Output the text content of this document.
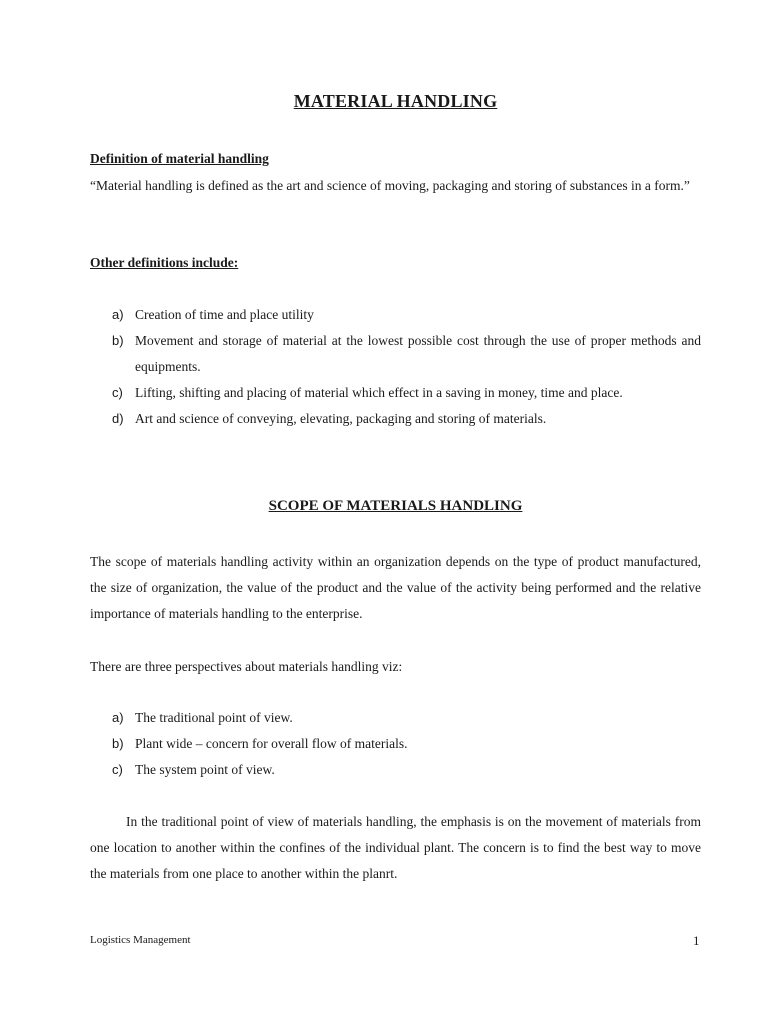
MATERIAL HANDLING
Definition of material handling
“Material handling is defined as the art and science of moving, packaging and storing of substances in a form.”
Other definitions include:
a) Creation of time and place utility
b) Movement and storage of material at the lowest possible cost through the use of proper methods and equipments.
c) Lifting, shifting and placing of material which effect in a saving in money, time and place.
d) Art and science of conveying, elevating, packaging and storing of materials.
SCOPE OF MATERIALS HANDLING
The scope of materials handling activity within an organization depends on the type of product manufactured, the size of organization, the value of the product and the value of the activity being performed and the relative importance of materials handling to the enterprise.
There are three perspectives about materials handling viz:
a) The traditional point of view.
b) Plant wide – concern for overall flow of materials.
c) The system point of view.
In the traditional point of view of materials handling, the emphasis is on the movement of materials from one location to another within the confines of the individual plant. The concern is to find the best way to move the materials from one place to another within the planrt.
Logistics Management	1
